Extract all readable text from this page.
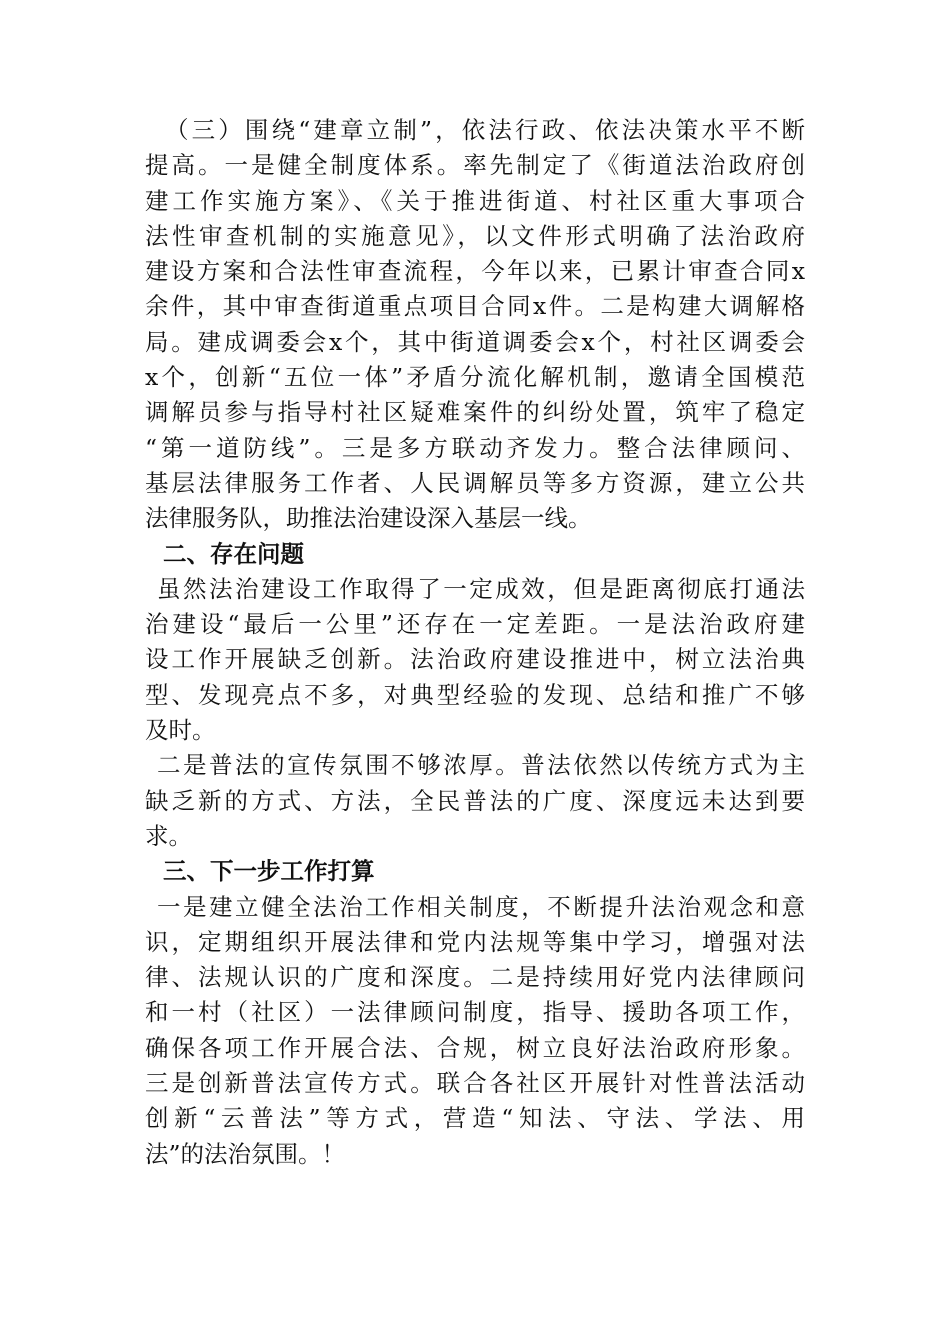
（三）围绕“建章立制”，依法行政、依法决策水平不断
提高。一是健全制度体系。率先制定了《街道法治政府创
建工作实施方案》、《关于推进街道、村社区重大事项合
法性审查机制的实施意见》，以文件形式明确了法治政府
建设方案和合法性审查流程，今年以来，已累计审查合同x
余件，其中审查街道重点项目合同x件。二是构建大调解格
局。建成调委会x个，其中街道调委会x个，村社区调委会
x个，创新“五位一体”矛盾分流化解机制，邀请全国模范
调解员参与指导村社区疑难案件的纠纷处置，筑牢了稳定
“第一道防线”。三是多方联动齐发力。整合法律顾问、
基层法律服务工作者、人民调解员等多方资源，建立公共
法律服务队，助推法治建设深入基层一线。
二、存在问题
虽然法治建设工作取得了一定成效，但是距离彻底打通法
治建设“最后一公里”还存在一定差距。一是法治政府建
设工作开展缺乏创新。法治政府建设推进中，树立法治典
型、发现亮点不多，对典型经验的发现、总结和推广不够
及时。
二是普法的宣传氛围不够浓厚。普法依然以传统方式为主
缺乏新的方式、方法，全民普法的广度、深度远未达到要
求。
三、下一步工作打算
一是建立健全法治工作相关制度，不断提升法治观念和意
识，定期组织开展法律和党内法规等集中学习，增强对法
律、法规认识的广度和深度。二是持续用好党内法律顾问
和一村（社区）一法律顾问制度，指导、援助各项工作，
确保各项工作开展合法、合规，树立良好法治政府形象。
三是创新普法宣传方式。联合各社区开展针对性普法活动
创新“云普法”等方式，营造“知法、守法、学法、用
法”的法治氛围。！
